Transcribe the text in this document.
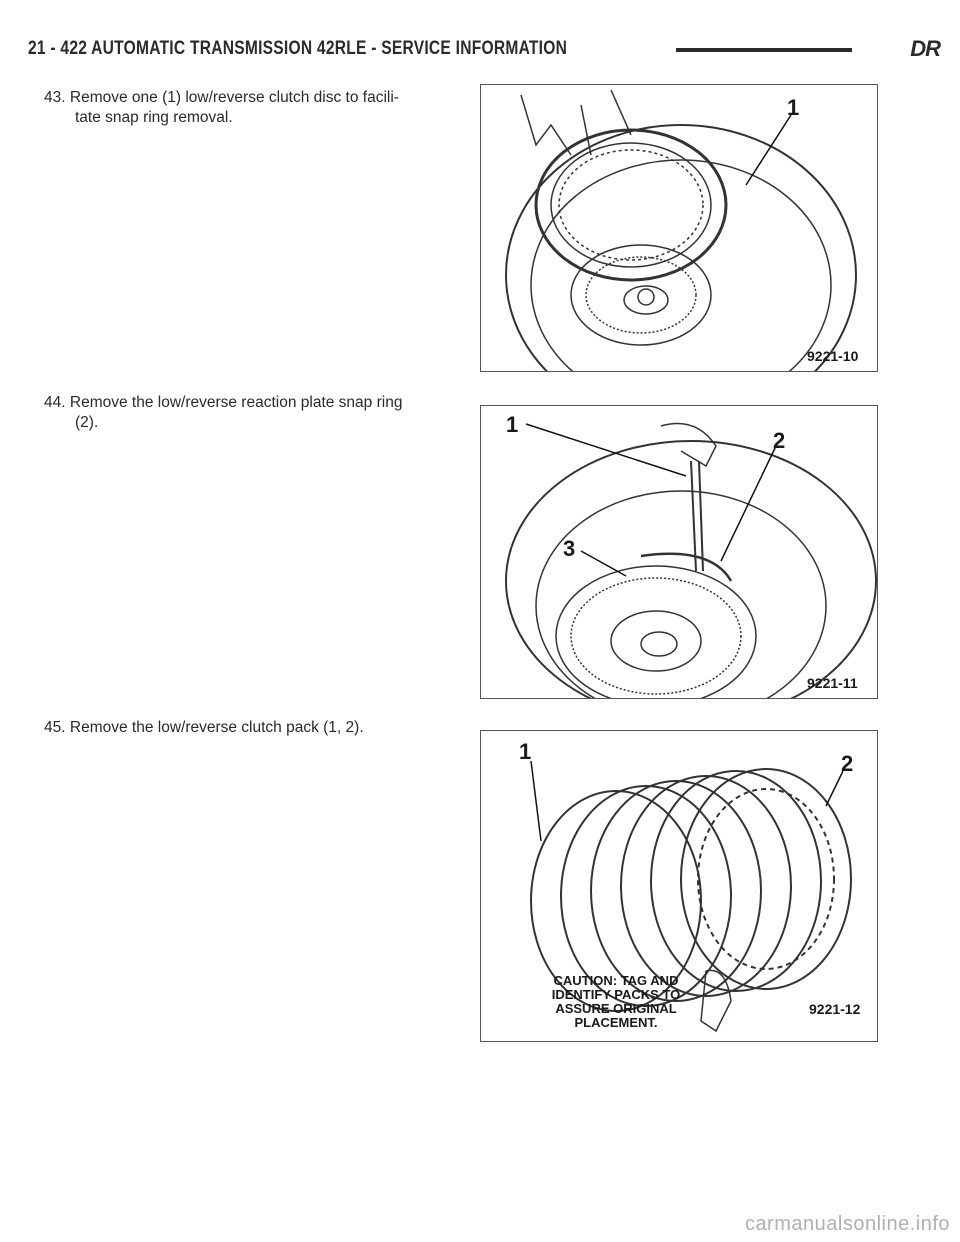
21 - 422 AUTOMATIC TRANSMISSION 42RLE - SERVICE INFORMATION	DR
43. Remove one (1) low/reverse clutch disc to facili-
tate snap ring removal.
44. Remove the low/reverse reaction plate snap ring
(2).
45. Remove the low/reverse clutch pack (1, 2).
1
9221-10
1
2
3
9221-11
1	2
CAUTION: TAG AND
IDENTIFY PACKS TO
ASSURE ORIGINAL
PLACEMENT.
9221-12
carmanualsonline.info
